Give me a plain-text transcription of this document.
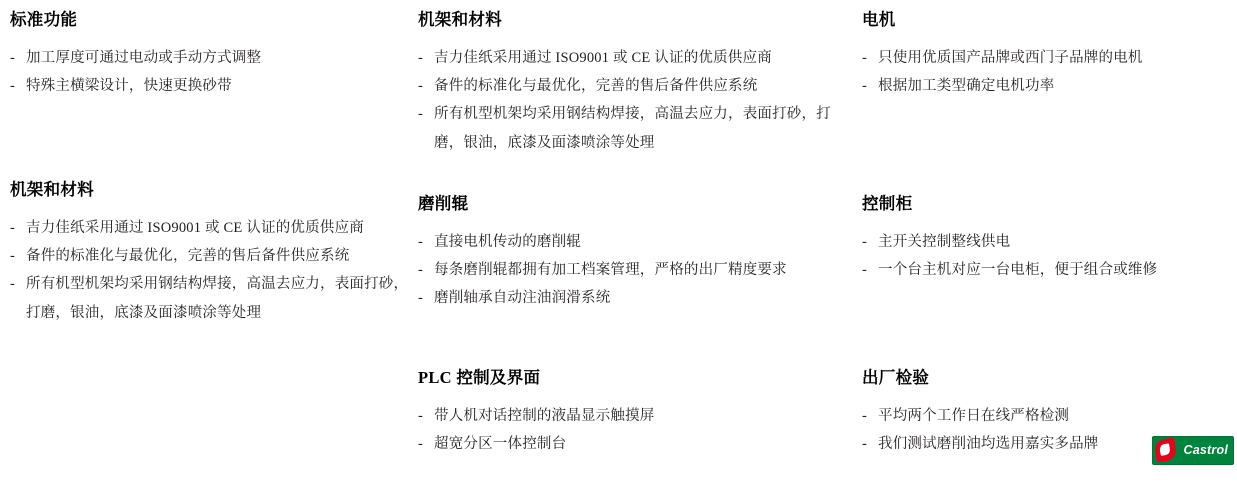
标准功能
- 加工厚度可通过电动或手动方式调整
- 特殊主横梁设计，快速更换砂带
机架和材料
- 吉力佳纸采用通过 ISO9001 或 CE 认证的优质供应商
- 备件的标准化与最优化，完善的售后备件供应系统
- 所有机型机架均采用钢结构焊接，高温去应力，表面打砂，打磨，银油，底漆及面漆喷涂等处理
机架和材料
- 吉力佳纸采用通过 ISO9001 或 CE 认证的优质供应商
- 备件的标准化与最优化，完善的售后备件供应系统
- 所有机型机架均采用钢结构焊接，高温去应力，表面打砂，打磨，银油，底漆及面漆喷涂等处理
磨削辊
- 直接电机传动的磨削辊
- 每条磨削辊都拥有加工档案管理，严格的出厂精度要求
- 磨削轴承自动注油润滑系统
PLC 控制及界面
- 带人机对话控制的液晶显示触摸屏
- 超宽分区一体控制台
电机
- 只使用优质国产品牌或西门子品牌的电机
- 根据加工类型确定电机功率
控制柜
- 主开关控制整线供电
- 一个台主机对应一台电柜，便于组合或维修
出厂检验
- 平均两个工作日在线严格检测
- 我们测试磨削油均选用嘉实多品牌	Castrol
